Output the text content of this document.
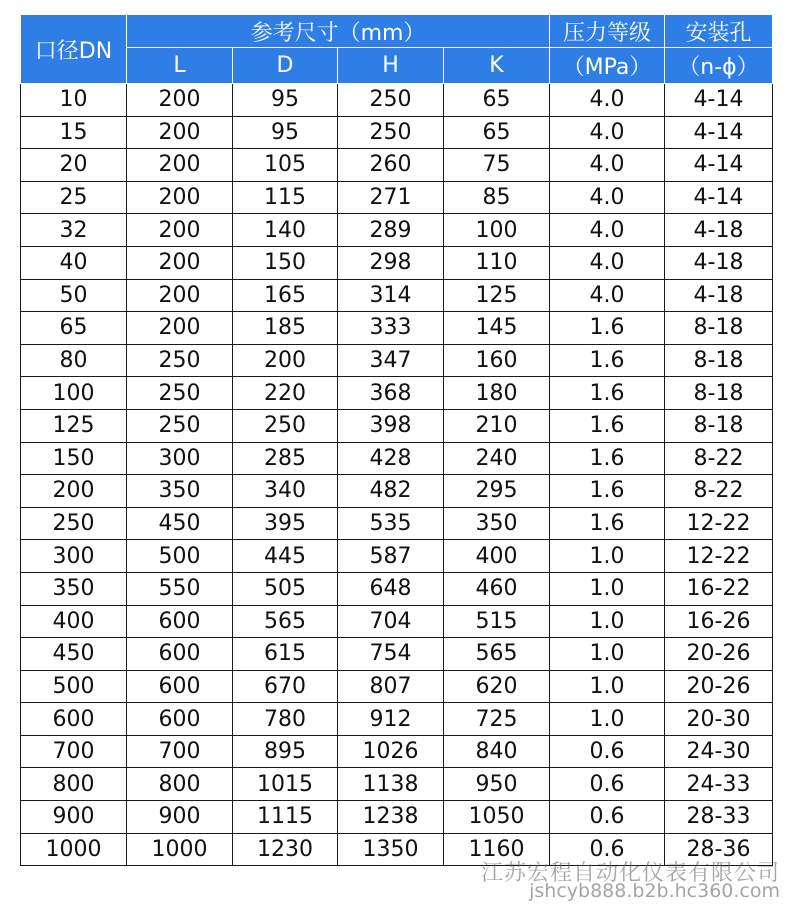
口径DN	参考尺寸（mm）				压力等级	安装孔
	L	D	H	K	（MPa）	（n-ϕ）
10	200	95	250	65	4.0	4-14
15	200	95	250	65	4.0	4-14
20	200	105	260	75	4.0	4-14
25	200	115	271	85	4.0	4-14
32	200	140	289	100	4.0	4-18
40	200	150	298	110	4.0	4-18
50	200	165	314	125	4.0	4-18
65	200	185	333	145	1.6	8-18
80	250	200	347	160	1.6	8-18
100	250	220	368	180	1.6	8-18
125	250	250	398	210	1.6	8-18
150	300	285	428	240	1.6	8-22
200	350	340	482	295	1.6	8-22
250	450	395	535	350	1.6	12-22
300	500	445	587	400	1.0	12-22
350	550	505	648	460	1.0	16-22
400	600	565	704	515	1.0	16-26
450	600	615	754	565	1.0	20-26
500	600	670	807	620	1.0	20-26
600	600	780	912	725	1.0	20-30
700	700	895	1026	840	0.6	24-30
800	800	1015	1138	950	0.6	24-33
900	900	1115	1238	1050	0.6	28-33
1000	1000	1230	1350	1160	0.6	28-36
江苏宏程自动化仪表有限公司
jshcyb888.b2b.hc360.com
